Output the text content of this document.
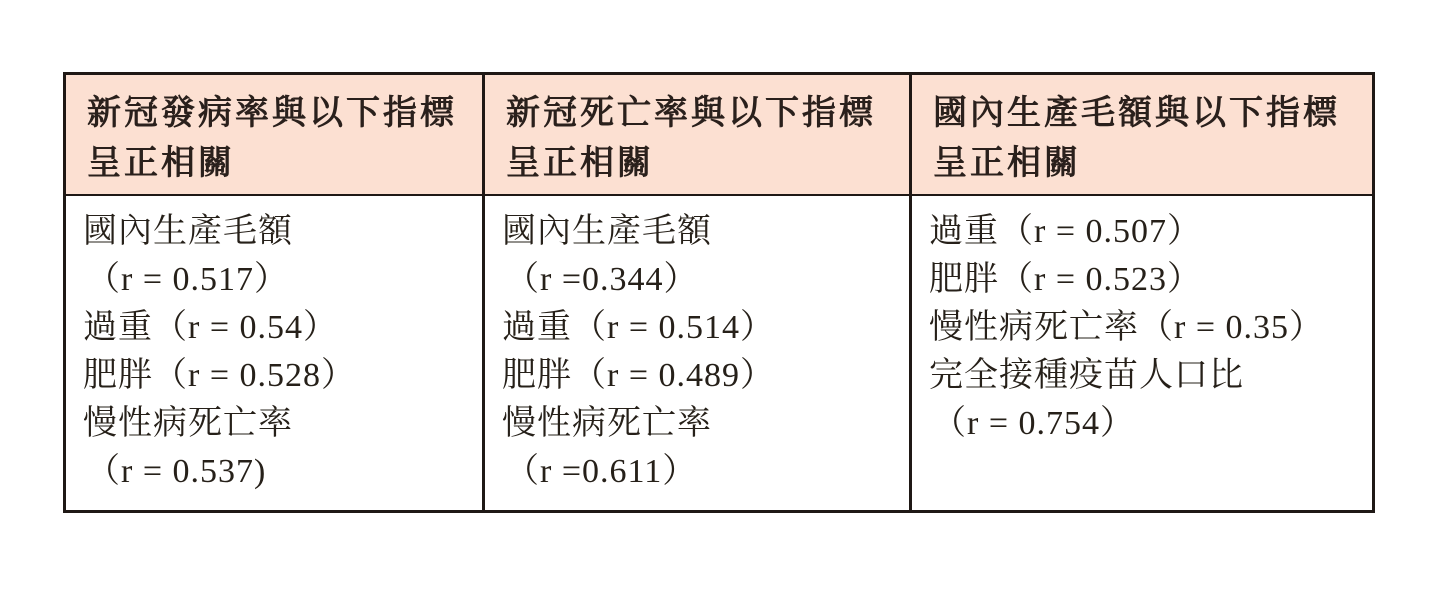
新冠發病率與以下指標呈正相關
新冠死亡率與以下指標呈正相關
國內生產毛額與以下指標呈正相關
國內生產毛額
（r = 0.517）
過重（r = 0.54）
肥胖（r = 0.528）
慢性病死亡率
（r = 0.537)
國內生產毛額
（r =0.344）
過重（r = 0.514）
肥胖（r = 0.489）
慢性病死亡率
（r =0.611）
過重（r = 0.507）
肥胖（r = 0.523）
慢性病死亡率（r = 0.35）
完全接種疫苗人口比
（r = 0.754）
